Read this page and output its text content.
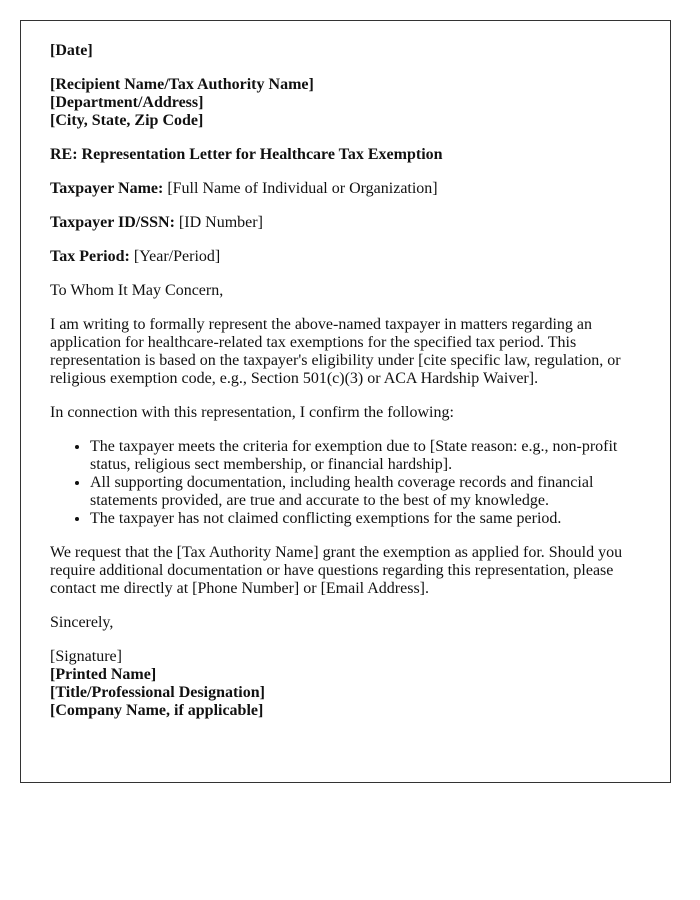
[Date]
[Recipient Name/Tax Authority Name]
[Department/Address]
[City, State, Zip Code]
RE: Representation Letter for Healthcare Tax Exemption
Taxpayer Name: [Full Name of Individual or Organization]
Taxpayer ID/SSN: [ID Number]
Tax Period: [Year/Period]

To Whom It May Concern,

I am writing to formally represent the above-named taxpayer in matters regarding an application for healthcare-related tax exemptions for the specified tax period. This representation is based on the taxpayer's eligibility under [cite specific law, regulation, or religious exemption code, e.g., Section 501(c)(3) or ACA Hardship Waiver].

In connection with this representation, I confirm the following:

• The taxpayer meets the criteria for exemption due to [State reason: e.g., non-profit status, religious sect membership, or financial hardship].
• All supporting documentation, including health coverage records and financial statements provided, are true and accurate to the best of my knowledge.
• The taxpayer has not claimed conflicting exemptions for the same period.

We request that the [Tax Authority Name] grant the exemption as applied for. Should you require additional documentation or have questions regarding this representation, please contact me directly at [Phone Number] or [Email Address].

Sincerely,

[Signature]
[Printed Name]
[Title/Professional Designation]
[Company Name, if applicable]
